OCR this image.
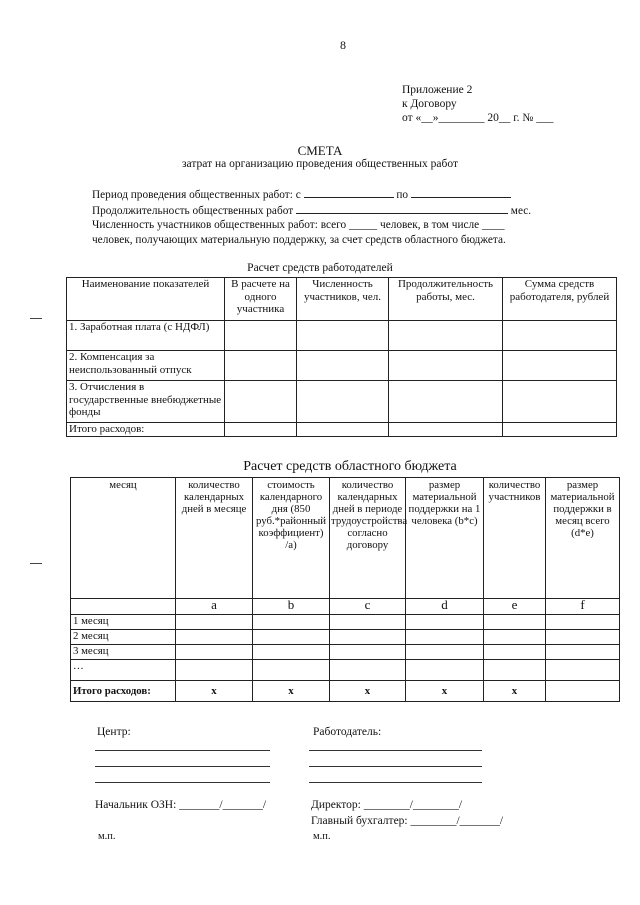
8
Приложение 2
к Договору
от «__»________ 20__ г. № ___
СМЕТА
затрат на организацию проведения общественных работ
Период проведения общественных работ: с	по
Продолжительность общественных работ	мес.
Численность участников общественных работ: всего _____ человек, в том числе ____
человек, получающих материальную поддержку, за счет средств областного бюджета.
Расчет средств работодателей
Наименование показателей	В расчете на одного участника	Численность участников, чел.	Продолжительность работы, мес.	Сумма средств работодателя, рублей
1. Заработная плата (с НДФЛ)				
2. Компенсация за неиспользованный отпуск				
3. Отчисления в государственные внебюджетные фонды				
Итого расходов:				
Расчет средств областного бюджета
месяц	количество календарных дней в месяце	стоимость календарного дня (850 руб.*районный коэффициент) /a)	количество календарных дней в периоде трудоустройства согласно договору	размер материальной поддержки на 1 человека (b*c)	количество участников	размер материальной поддержки в месяц всего (d*e)
	a	b	c	d	e	f
1 месяц						
2 месяц						
3 месяц						
…						
Итого расходов:	x	x	x	x	x	
Центр:	Работодатель:
Начальник ОЗН: _______/_______/	Директор: ________/________/
Главный бухгалтер: ________/_______/
м.п.	м.п.
